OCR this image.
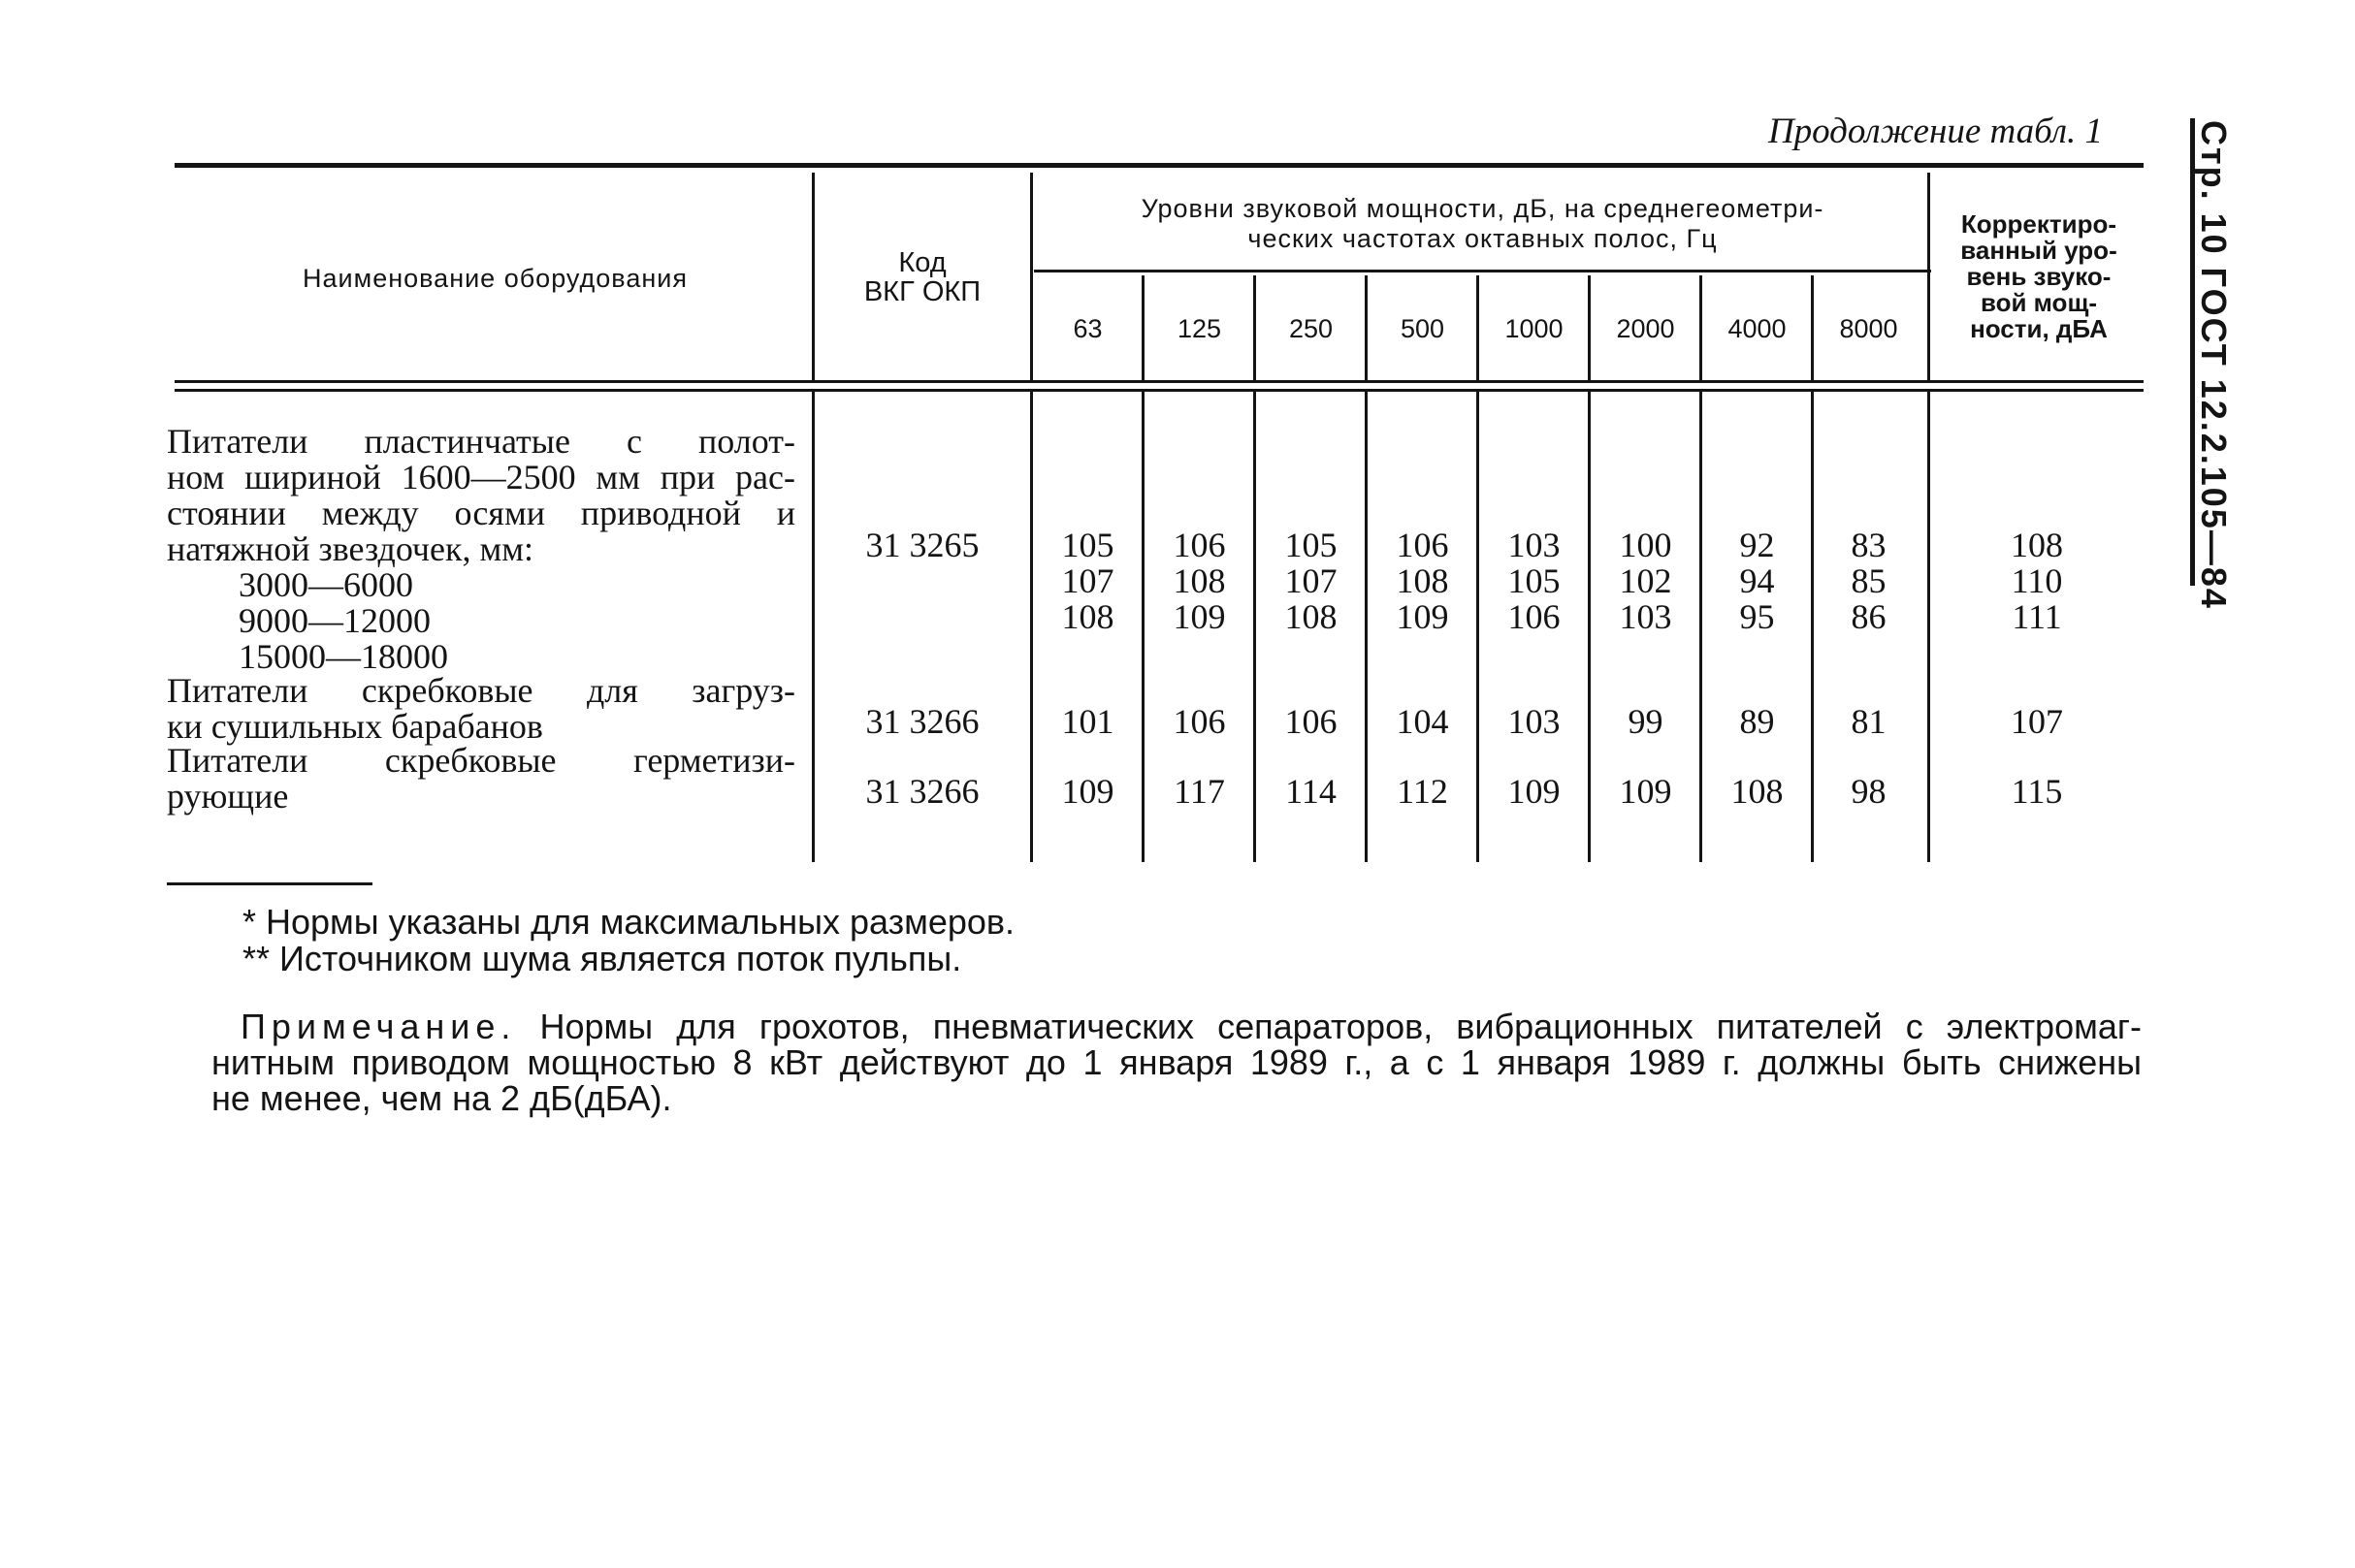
Продолжение табл. 1	Стр. 10 ГОСТ 12.2.105—84
Наименование оборудования	Код
ВКГ ОКП
Уровни звуковой мощности, дБ, на среднегеометри-
ческих частотах октавных полос, Гц	Корректиро-
ванный уро-
вень звуко-
вой мощ-
ности, дБА
63	125	250	500	1000	2000	4000	8000
Питатели пластинчатые с полот-
ном шириной 1600—2500 мм при рас-
стоянии между осями приводной и
натяжной звездочек, мм:
3000—6000
9000—12000
15000—18000
31 3265	105	106	105	106	103	100	92	83	108
107	108	107	108	105	102	94	85	110
108	109	108	109	106	103	95	86	111
Питатели скребковые для загруз-
ки сушильных барабанов	31 3266	101	106	106	104	103	99	89	81	107
Питатели скребковые герметизи-
рующие	31 3266	109	117	114	112	109	109	108	98	115
* Нормы указаны для максимальных размеров.
** Источником шума является поток пульпы.
Примечание. Нормы для грохотов, пневматических сепараторов, вибрационных питателей с электромаг-
нитным приводом мощностью 8 кВт действуют до 1 января 1989 г., а с 1 января 1989 г. должны быть снижены
не менее, чем на 2 дБ(дБА).
